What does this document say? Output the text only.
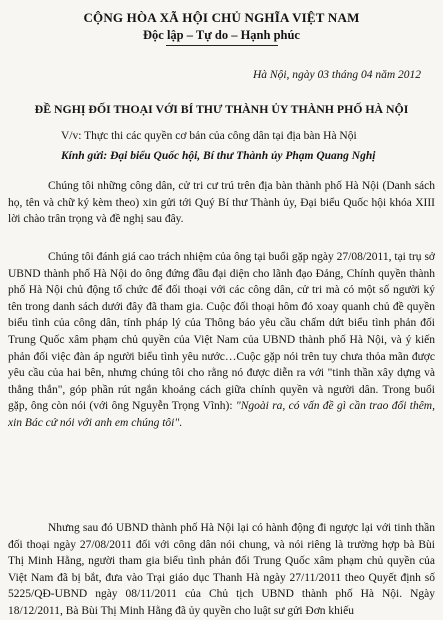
CỘNG HÒA XÃ HỘI CHỦ NGHĨA VIỆT NAM
Độc lập – Tự do – Hạnh phúc
Hà Nội, ngày 03 tháng 04 năm 2012
ĐỀ NGHỊ ĐỐI THOẠI VỚI BÍ THƯ THÀNH ỦY THÀNH PHỐ HÀ NỘI
V/v: Thực thi các quyền cơ bản của công dân tại địa bàn Hà Nội
Kính gửi: Đại biểu Quốc hội, Bí thư Thành ủy Phạm Quang Nghị

Chúng tôi những công dân, cử tri cư trú trên địa bàn thành phố Hà Nội (Danh sách họ, tên và chữ ký kèm theo) xin gửi tới Quý Bí thư Thành ủy, Đại biểu Quốc hội khóa XIII lời chào trân trọng và đề nghị sau đây.

Chúng tôi đánh giá cao trách nhiệm của ông tại buổi gặp ngày 27/08/2011, tại trụ sở UBND thành phố Hà Nội do ông đứng đầu đại diện cho lãnh đạo Đảng, Chính quyền thành phố Hà Nội chủ động tổ chức để đối thoại với các công dân, cử tri mà có một số người ký tên trong danh sách dưới đây đã tham gia. Cuộc đối thoại hôm đó xoay quanh chủ đề quyền biểu tình của công dân, tính pháp lý của Thông báo yêu cầu chấm dứt biểu tình phản đối Trung Quốc xâm phạm chủ quyền của Việt Nam của UBND thành phố Hà Nội, và ý kiến phản đối việc đàn áp người biểu tình yêu nước…Cuộc gặp nói trên tuy chưa thỏa mãn được yêu cầu của hai bên, nhưng chúng tôi cho rằng nó được diễn ra với "tinh thần xây dựng và thẳng thắn", góp phần rút ngắn khoảng cách giữa chính quyền và người dân. Trong buổi gặp, ông còn nói (với ông Nguyễn Trọng Vĩnh): "Ngoài ra, có vấn đề gì cần trao đổi thêm, xin Bác cứ nói với anh em chúng tôi".

Nhưng sau đó UBND thành phố Hà Nội lại có hành động đi ngược lại với tinh thần đối thoại ngày 27/08/2011 đối với công dân nói chung, và nói riêng là trường hợp bà Bùi Thị Minh Hằng, người tham gia biểu tình phản đối Trung Quốc xâm phạm chủ quyền của Việt Nam đã bị bắt, đưa vào Trại giáo dục Thanh Hà ngày 27/11/2011 theo Quyết định số 5225/QĐ-UBND ngày 08/11/2011 của Chủ tịch UBND thành phố Hà Nội. Ngày 18/12/2011, Bà Bùi Thị Minh Hằng đã ủy quyền cho luật sư gửi Đơn khiếu
